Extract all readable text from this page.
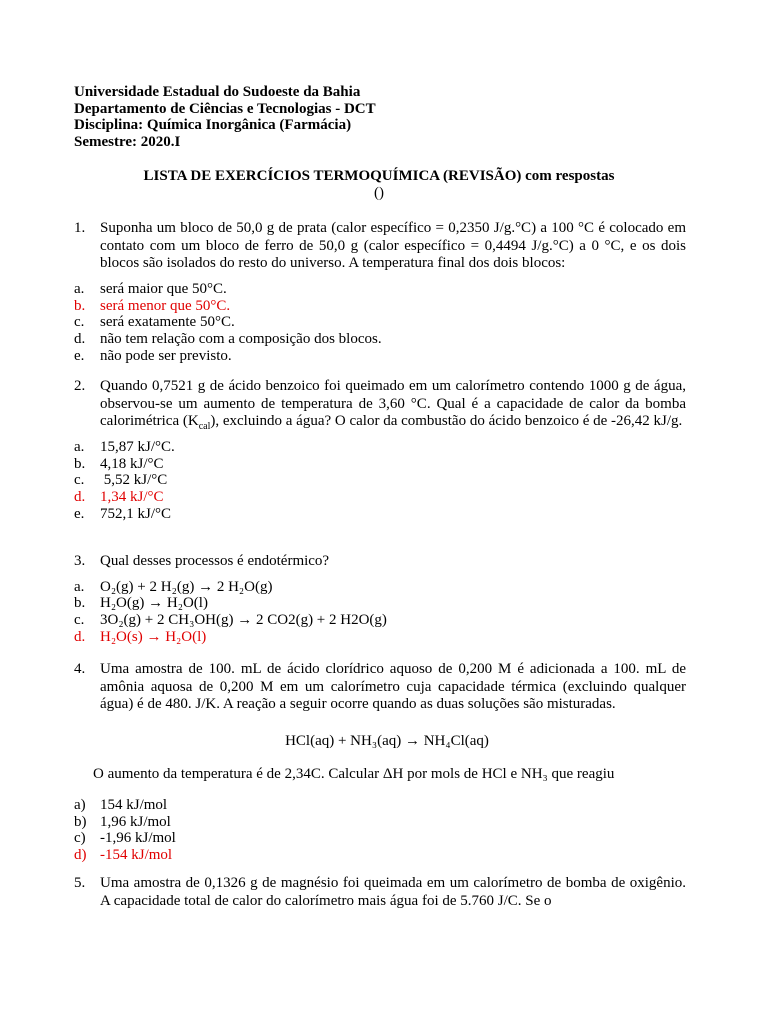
Universidade Estadual do Sudoeste da Bahia
Departamento de Ciências e Tecnologias - DCT
Disciplina: Química Inorgânica (Farmácia)
Semestre: 2020.I
LISTA DE EXERCÍCIOS TERMOQUÍMICA (REVISÃO) com respostas
()
1. Suponha um bloco de 50,0 g de prata (calor específico = 0,2350 J/g.°C) a 100 °C é colocado em contato com um bloco de ferro de 50,0 g (calor específico = 0,4494 J/g.°C) a 0 °C, e os dois blocos são isolados do resto do universo. A temperatura final dos dois blocos:
a.	será maior que 50°C.
b. será menor que 50°C.
c.	será exatamente 50°C.
d. não tem relação com a composição dos blocos.
e.	não pode ser previsto.
2. Quando 0,7521 g de ácido benzoico foi queimado em um calorímetro contendo 1000 g de água, observou-se um aumento de temperatura de 3,60 °C. Qual é a capacidade de calor da bomba calorimétrica $(K_{cal})$, excluindo a água? O calor da combustão do ácido benzoico é de -26,42 kJ/g.
a.	15,87 kJ/°C.
b. 4,18 kJ/°C
c.	5,52 kJ/°C
d. 1,34 kJ/°C
e.	752,1 kJ/°C
3. Qual desses processos é endotérmico?
a.	O₂(g) + 2 H₂(g) → 2 H₂O(g)
b. H₂O(g) → H₂O(l)
c.	3O₂(g) + 2 CH₃OH(g) → 2 CO2(g) + 2 H2O(g)
d. H₂O(s) → H₂O(l)
4. Uma amostra de 100. mL de ácido clorídrico aquoso de 0,200 M é adicionada a 100. mL de amônia aquosa de 0,200 M em um calorímetro cuja capacidade térmica (excluindo qualquer água) é de 480. J/K. A reação a seguir ocorre quando as duas soluções são misturadas.
HCl(aq) + NH₃(aq) → NH₄Cl(aq)
O aumento da temperatura é de 2,34C. Calcular ΔH por mols de HCl e NH₃ que reagiu
a) 154 kJ/mol
b) 1,96 kJ/mol
c) -1,96 kJ/mol
d) -154 kJ/mol
5. Uma amostra de 0,1326 g de magnésio foi queimada em um calorímetro de bomba de oxigênio. A capacidade total de calor do calorímetro mais água foi de 5.760 J/C. Se o
